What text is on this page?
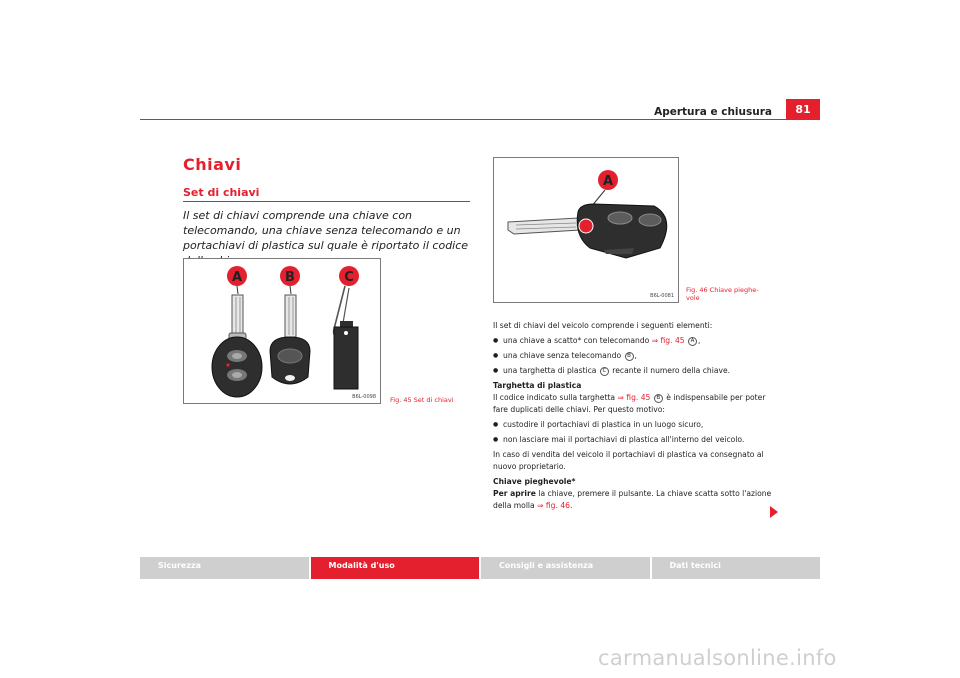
Apertura e chiusura	81
Chiavi
Set di chiavi
Il set di chiavi comprende una chiave con telecomando, una chiave senza telecomando e un portachiavi di plastica sul quale è riportato il codice
A	B	C
B6L-0098 Fig. 45 Set di chiavi
A
B6L-0081
Fig. 46 Chiave pieghe-vole

Il set di chiavi del veicolo comprende i seguenti elementi:

● una chiave a scatto* con telecomando ⇒ fig. 45 A ,
● una chiave senza telecomando B ,
● una targhetta di plastica C recante il numero della chiave.

Targhetta di plastica

Il codice indicato sulla targhetta ⇒ fig. 45 B è indispensabile per poter fare duplicati delle chiavi. Per questo motivo:

● custodire il portachiavi di plastica in un luogo sicuro,
● non lasciare mai il portachiavi di plastica all'interno del veicolo.

In caso di vendita del veicolo il portachiavi di plastica va consegnato al nuovo proprietario.

Chiave pieghevole*

Per aprire la chiave, premere il pulsante. La chiave scatta sotto l'azione della molla ⇒ fig. 46.

Sicurezza	Modalità d'uso	Consigli e assistenza	Dati tecnici
carmanualsonline.info
